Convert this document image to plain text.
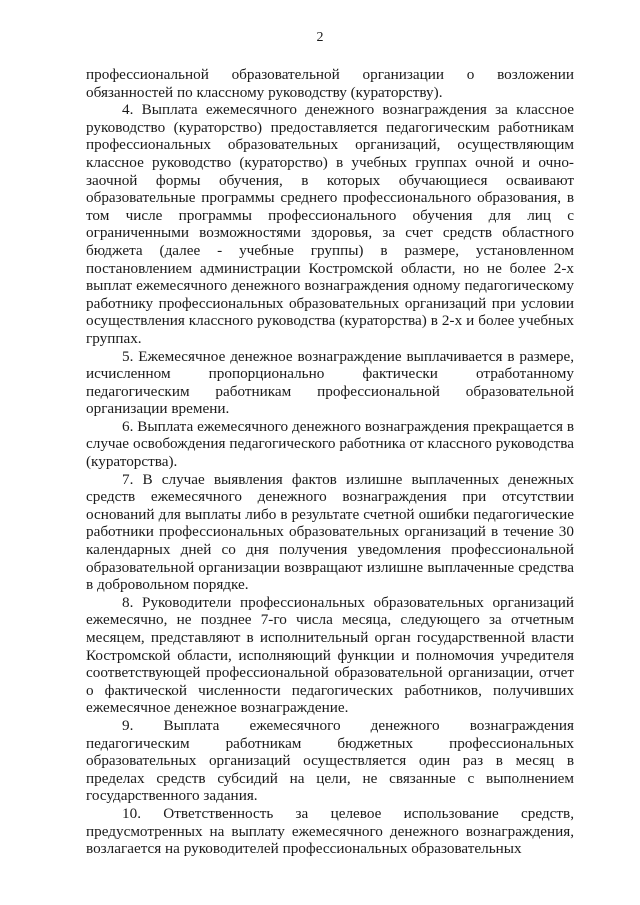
2

профессиональной образовательной организации о возложении обязанностей по классному руководству (кураторству).

4. Выплата ежемесячного денежного вознаграждения за классное руководство (кураторство) предоставляется педагогическим работникам профессиональных образовательных организаций, осуществляющим классное руководство (кураторство) в учебных группах очной и очно-заочной формы обучения, в которых обучающиеся осваивают образовательные программы среднего профессионального образования, в том числе программы профессионального обучения для лиц с ограниченными возможностями здоровья, за счет средств областного бюджета (далее - учебные группы) в размере, установленном постановлением администрации Костромской области, но не более 2-х выплат ежемесячного денежного вознаграждения одному педагогическому работнику профессиональных образовательных организаций при условии осуществления классного руководства (кураторства) в 2-х и более учебных группах.

5. Ежемесячное денежное вознаграждение выплачивается в размере, исчисленном пропорционально фактически отработанному педагогическим работникам профессиональной образовательной организации времени.

6. Выплата ежемесячного денежного вознаграждения прекращается в случае освобождения педагогического работника от классного руководства (кураторства).

7. В случае выявления фактов излишне выплаченных денежных средств ежемесячного денежного вознаграждения при отсутствии оснований для выплаты либо в результате счетной ошибки педагогические работники профессиональных образовательных организаций в течение 30 календарных дней со дня получения уведомления профессиональной образовательной организации возвращают излишне выплаченные средства в добровольном порядке.

8. Руководители профессиональных образовательных организаций ежемесячно, не позднее 7-го числа месяца, следующего за отчетным месяцем, представляют в исполнительный орган государственной власти Костромской области, исполняющий функции и полномочия учредителя соответствующей профессиональной образовательной организации, отчет о фактической численности педагогических работников, получивших ежемесячное денежное вознаграждение.

9. Выплата ежемесячного денежного вознаграждения педагогическим работникам бюджетных профессиональных образовательных организаций осуществляется один раз в месяц в пределах средств субсидий на цели, не связанные с выполнением государственного задания.

10. Ответственность за целевое использование средств, предусмотренных на выплату ежемесячного денежного вознаграждения, возлагается на руководителей профессиональных образовательных
